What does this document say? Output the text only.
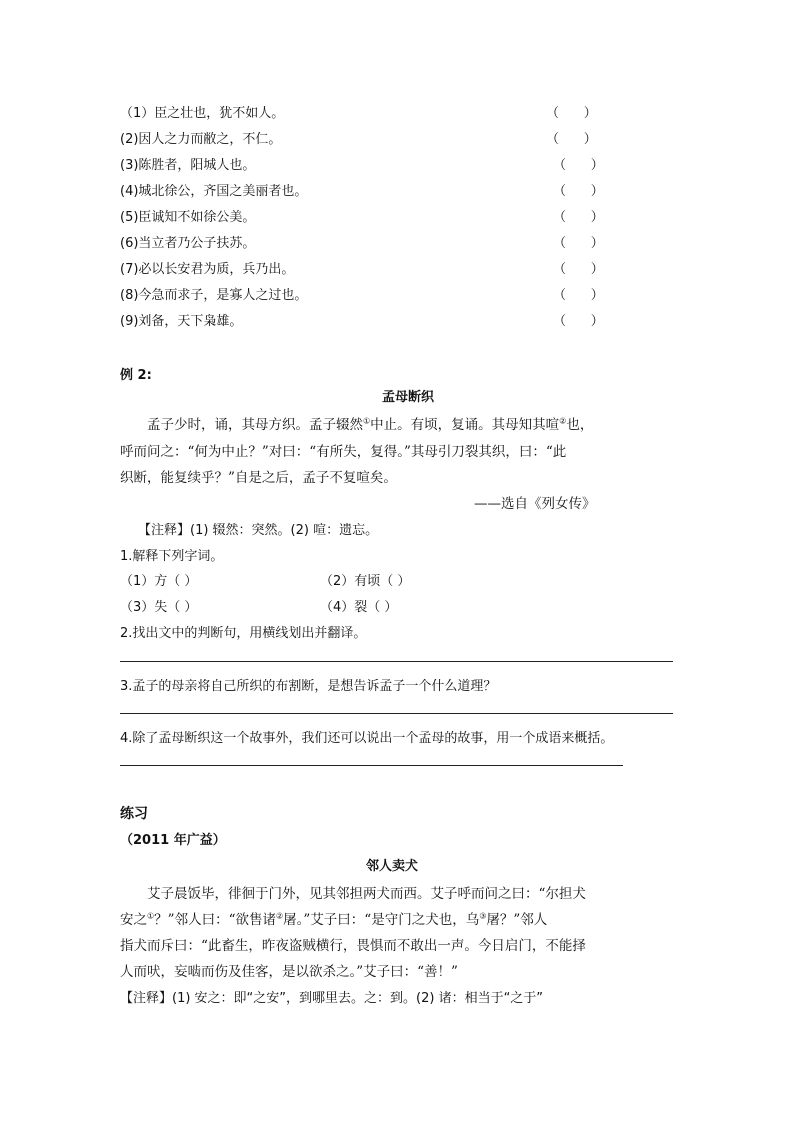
（1）臣之壮也，犹不如人。	（      ）
(2)因人之力而敝之，不仁。	（      ）
(3)陈胜者，阳城人也。	（      ）
(4)城北徐公，齐国之美丽者也。	（      ）
(5)臣诚知不如徐公美。	（      ）
(6)当立者乃公子扶苏。	（      ）
(7)必以长安君为质，兵乃出。	（      ）
(8)今急而求子，是寡人之过也。	（      ）
(9)刘备，天下枭雄。	（      ）
例 2:
孟母断织
孟子少时，诵，其母方织。孟子辍然①中止。有顷，复诵。其母知其喧②也，
呼而问之：“何为中止？”对曰：“有所失，复得。”其母引刀裂其织，曰：“此
织断，能复续乎？”自是之后，孟子不复喧矣。
——选自《列女传》
【注释】(1) 辍然：突然。(2) 喧：遗忘。
1.解释下列字词。
（1）方（ ）	（2）有顷（ ）
（3）失（ ）	（4）裂（ ）
2.找出文中的判断句，用横线划出并翻译。
3.孟子的母亲将自己所织的布割断，是想告诉孟子一个什么道理？
4.除了孟母断织这一个故事外，我们还可以说出一个孟母的故事，用一个成语来概括。
练习
（2011 年广益）
邻人卖犬
艾子晨饭毕，徘徊于门外，见其邻担两犬而西。艾子呼而问之曰：“尔担犬
安之①？”邻人曰：“欲售诸②屠。”艾子曰：“是守门之犬也，乌③屠？”邻人
指犬而斥曰：“此畜生，昨夜盗贼横行，畏惧而不敢出一声。今日启门，不能择
人而吠，妄啮而伤及佳客，是以欲杀之。”艾子曰：“善！”
【注释】(1) 安之：即“之安”，到哪里去。之：到。(2) 诸：相当于“之于”
